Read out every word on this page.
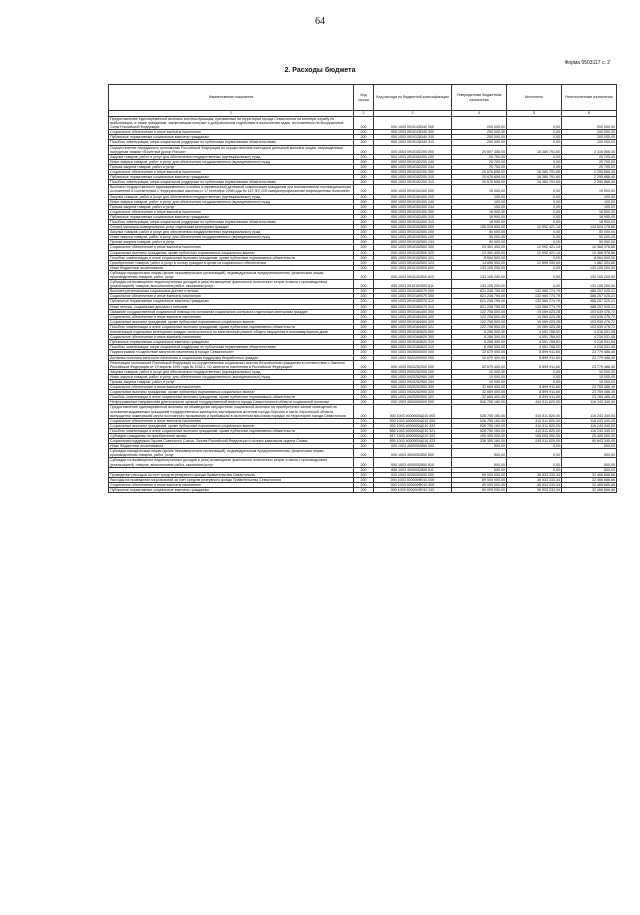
64
Форма 0503117 с. 2
2. Расходы бюджета
Наименование показателя	Код строки	Код расхода по бюджетной классификации	Утвержденные бюджетные назначения	Исполнено	Неисполненные назначения
1	2	3	4	5	6
Предоставление единовременной выплаты военнослужащим, призванным на территории города Севастополя на военную службу по мобилизации, а также гражданам, заключившим контракт о добровольном содействии в выполнении задач, возложенных на Вооруженные Силы Российской Федерации	200	000 1003 0910128340 000	200 000,00	0,00	200 000,00
Социальное обеспечение и иные выплаты населению	200	000 1003 0910128340 300	200 000,00	0,00	200 000,00
Публичные нормативные социальные выплаты гражданам	200	000 1003 0910128340 310	200 000,00	0,00	200 000,00
Пособия, компенсации, меры социальной поддержки по публичным нормативным обязательствам	200	855 1003 0910128340 313	200 000,00	0,00	200 000,00
Осуществление переданного полномочия Российской Федерации по осуществлению ежегодной денежной выплаты лицам, награжденным нагрудным знаком «Почетный донор России»	200	000 1003 0910152200 000	20 697 358,00	18 380 791,60	2 316 566,40
Закупка товаров, работ и услуг для обеспечения государственных (муниципальных) нужд	200	000 1003 0910152200 200	20 700,00	0,00	20 700,00
Иные закупки товаров, работ и услуг для обеспечения государственных (муниципальных) нужд	200	000 1003 0910152200 240	20 700,00	0,00	20 700,00
Прочая закупка товаров, работ и услуг	200	855 1003 0910152200 244	20 700,00	0,00	20 700,00
Социальное обеспечение и иные выплаты населению	200	000 1003 0910152200 300	20 676 658,00	18 380 791,60	2 295 866,40
Публичные нормативные социальные выплаты гражданам	200	000 1003 0910152200 310	20 676 658,00	18 380 791,60	2 295 866,40
Пособия, компенсации, меры социальной поддержки по публичным нормативным обязательствам	200	855 1003 0910152200 313	20 676 658,00	18 380 791,60	2 295 866,40
Выплата государственного единовременного пособия и ежемесячной денежной компенсации гражданам при возникновении поствакцинальных осложнений в соответствии с Федеральным законом от 17 сентября 1998 года № 157-ФЗ «Об иммунопрофилактике инфекционных болезней»	200	000 1003 0910152400 000	19 000,00	0,00	19 000,00
Закупка товаров, работ и услуг для обеспечения государственных (муниципальных) нужд	200	000 1003 0910152400 200	100,00	0,00	100,00
Иные закупки товаров, работ и услуг для обеспечения государственных (муниципальных) нужд	200	000 1003 0910152400 240	100,00	0,00	100,00
Прочая закупка товаров, работ и услуг	200	855 1003 0910152400 244	100,00	0,00	100,00
Социальное обеспечение и иные выплаты населению	200	000 1003 0910152400 300	18 900,00	0,00	18 900,00
Публичные нормативные социальные выплаты гражданам	200	000 1003 0910152400 310	18 900,00	0,00	18 900,00
Пособия, компенсации, меры социальной поддержки по публичным нормативным обязательствам	200	855 1003 0910152400 313	18 900,00	0,00	18 900,00
Оплата жилищно-коммунальных услуг отдельным категориям граждан	200	000 1003 0910152500 000	156 516 600,00	12 992 421,14	143 524 178,86
Закупка товаров, работ и услуг для обеспечения государственных (муниципальных) нужд	200	000 1003 0910152500 200	50 000,00	0,00	50 000,00
Иные закупки товаров, работ и услуг для обеспечения государственных (муниципальных) нужд	200	000 1003 0910152500 240	50 000,00	0,00	50 000,00
Прочая закупка товаров, работ и услуг	200	855 1003 0910152500 244	50 000,00	0,00	50 000,00
Социальное обеспечение и иные выплаты населению	200	000 1003 0910152500 300	23 361 400,00	12 992 421,14	10 368 978,86
Социальные выплаты гражданам, кроме публичных нормативных социальных выплат	200	000 1003 0910152500 320	23 361 400,00	12 992 421,14	10 368 978,86
Пособия, компенсации и иные социальные выплаты гражданам, кроме публичных нормативных обязательств	200	855 1003 0910152500 321	8 664 500,00	0,00	8 664 500,00
Приобретение товаров, работ и услуг в пользу граждан в целях их социального обеспечения	200	855 1003 0910152500 323	14 696 900,00	12 899 190,64	1 862 304,86
Иные бюджетные ассигнования	200	000 1003 0910152500 800	133 105 200,00	0,00	133 105 200,00
Субсидии юридическим лицам (кроме некоммерческих организаций), индивидуальным предпринимателям, физическим лицам - производителям товаров, работ, услуг	200	000 1003 0910152500 810	133 105 200,00	0,00	133 105 200,00
Субсидии на возмещение недополученных доходов и (или) возмещение фактически понесенных затрат в связи с производством (реализацией) товаров, выполнением работ, оказанием услуг	200	855 1003 0910152500 811	133 105 200,00	0,00	133 105 200,00
Выплата региональных социальных доплат к пенсии	200	000 1003 0910180070 000	621 248 795,00	132 980 774,79	488 257 025,21
Социальное обеспечение и иные выплаты населению	200	000 1003 0910180070 300	621 248 795,00	132 980 774,79	488 257 025,21
Публичные нормативные социальные выплаты гражданам	200	000 1003 0910180070 310	621 248 795,00	132 980 774,79	488 257 025,21
Иные пенсии, социальные доплаты к пенсиям	200	855 1003 0910180070 312	621 248 795,00	132 980 774,79	488 257 025,21
Оказание государственной социальной помощи на основании социального контракта отдельным категориям граждан	200	000 1003 0910184400 000	122 708 500,00	19 069 423,28	103 639 476,72
Социальное обеспечение и иные выплаты населению	200	000 1003 0910184400 300	122 708 500,00	19 069 423,28	103 639 476,72
Социальные выплаты гражданам, кроме публичных нормативных социальных выплат	200	000 1003 0910184400 320	122 708 500,00	19 069 423,28	103 639 476,72
Пособия, компенсации и иные социальные выплаты гражданам, кроме публичных нормативных обязательств	200	855 1003 0910184400 321	122 708 500,00	19 069 423,28	103 639 476,72
Компенсация отдельным категориям граждан оплаты взноса на капитальный ремонт общего имущества в многоквартирном доме	200	000 1003 0910184620 000	8 268 300,00	4 051 768,92	4 216 531,08
Социальное обеспечение и иные выплаты населению	200	000 1003 0910184620 300	8 268 300,00	4 051 768,92	4 216 531,08
Публичные нормативные социальные выплаты гражданам	200	000 1003 0910184620 310	8 268 300,00	4 051 768,92	4 216 531,08
Пособия, компенсации, меры социальной поддержки по публичным нормативным обязательствам	200	855 1003 0910184620 313	8 268 300,00	4 051 768,92	4 216 531,08
Подпрограмма «Содействие занятости населения в городе Севастополе»	200	000 1003 0920000000 000	32 679 400,00	8 899 911,60	23 779 488,40
Активная политика занятости населения и социальная поддержка безработных граждан	200	000 1003 0920200000 000	32 679 400,00	8 899 911,60	23 779 488,40
Реализация полномочий Российской Федерации по осуществлению социальных выплат безработным гражданам в соответствии с Законом Российской Федерации от 19 апреля 1991 года № 1032-1 «О занятости населения в Российской Федерации»	200	000 1003 0920252900 000	32 679 400,00	8 899 911,60	23 779 488,40
Закупка товаров, работ и услуг для обеспечения государственных (муниципальных) нужд	200	000 1003 0920252900 200	10 000,00	0,00	10 000,00
Иные закупки товаров, работ и услуг для обеспечения государственных (муниципальных) нужд	200	000 1003 0920252900 240	10 000,00	0,00	10 000,00
Прочая закупка товаров, работ и услуг	200	855 1003 0920252900 244	10 000,00	0,00	10 000,00
Социальное обеспечение и иные выплаты населению	200	000 1003 0920252900 300	32 669 400,00	8 899 911,60	23 769 488,40
Социальные выплаты гражданам, кроме публичных нормативных социальных выплат	200	000 1003 0920252900 320	32 669 400,00	8 899 911,60	23 769 488,40
Пособия, компенсации и иные социальные выплаты гражданам, кроме публичных нормативных обязательств	200	855 1003 0920252900 321	32 669 400,00	8 899 911,60	23 769 488,40
Непрограммные направления деятельности органов государственной власти города Севастополя в области социальной политики	200	000 1003 4000000000 000	526 755 160,00	410 511 820,00	116 243 340,00
Предоставление единовременной выплаты на обзаведение имуществом, социальной выплаты на приобретение жилых помещений на основании выдаваемых гражданам государственных жилищных сертификатов жителям города Херсона и части Херсонской области, вынужденно покинувшим место постоянного проживания и прибывшим в экстренном массовом порядке на территорию города Севастополя	200	000 1003 4000000Ц010 000	526 755 160,00	410 511 820,00	116 243 340,00
Социальное обеспечение и иные выплаты населению	200	000 1003 4000000Ц010 300	526 755 160,00	410 511 820,00	116 243 340,00
Социальные выплаты гражданам, кроме публичных нормативных социальных выплат	200	000 1003 4000000Ц010 320	526 755 160,00	410 511 820,00	116 243 340,00
Пособия, компенсации и иные социальные выплаты гражданам, кроме публичных нормативных обязательств	200	855 1003 4000000Ц010 321	526 755 160,00	410 511 820,00	116 243 340,00
Субсидии гражданам на приобретение жилья	200	817 1003 4000000Ц010 322	190 400 000,00	165 000 000,00	25 400 000,00
Социальная поддержка Героев Советского Союза, Героев Российской Федерации и полных кавалеров ордена Славы	200	855 1003 4000000Ц010 323	336 355 160,00	245 511 820,00	90 843 340,00
Иные бюджетные ассигнования	200	000 1003 4000052850 000	500,00	0,00	500,00
Субсидии юридическим лицам (кроме некоммерческих организаций), индивидуальным предпринимателям, физическим лицам - производителям товаров, работ, услуг	200	000 1003 4000052850 800	500,00	0,00	500,00
Субсидии на возмещение недополученных доходов и (или) возмещение фактически понесенных затрат в связи с производством (реализацией) товаров, выполнением работ, оказанием услуг	200	000 1003 4000052850 810	500,00	0,00	500,00
	200	855 1003 4000052850 811	500,00	0,00	500,00
Проведение расходов за счет средств резервного фонда Правительства Севастополя	200	000 1003 9200000000 000	69 000 000,00	36 533 333,34	32 466 666,66
Расходы на проведение мероприятий за счет средств резервного фонда Правительства Севастополя	200	000 1003 920000Ф010 000	69 000 000,00	36 533 333,34	32 466 666,66
Социальное обеспечение и иные выплаты населению	200	000 1003 920000Ф010 300	69 000 000,00	36 533 333,34	32 466 666,66
Публичные нормативные социальные выплаты гражданам	200	000 1003 920000Ф010 310	69 000 000,00	36 533 333,34	32 466 666,66
